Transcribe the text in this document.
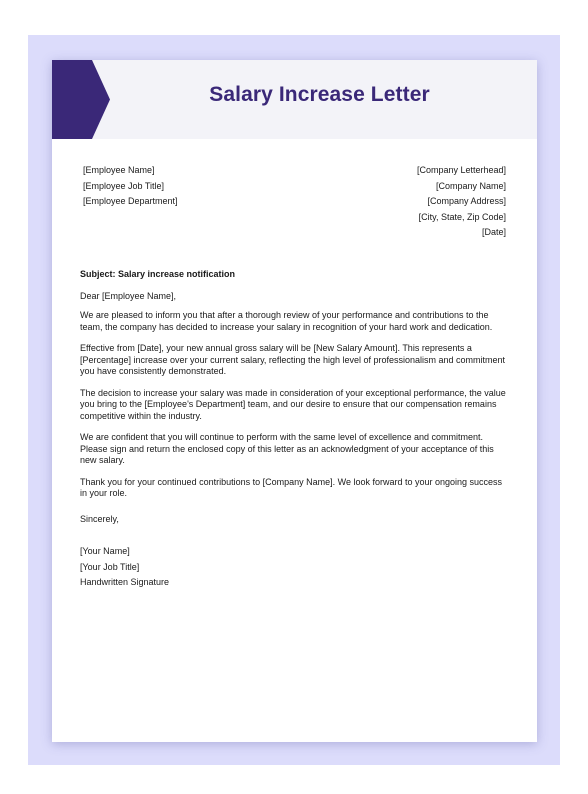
Salary Increase Letter
[Employee Name]
[Employee Job Title]
[Employee Department]
[Company Letterhead]
[Company Name]
[Company Address]
[City, State, Zip Code]
[Date]

Subject: Salary increase notification

Dear [Employee Name],

We are pleased to inform you that after a thorough review of your performance and contributions to the team, the company has decided to increase your salary in recognition of your hard work and dedication.

Effective from [Date], your new annual gross salary will be [New Salary Amount]. This represents a [Percentage] increase over your current salary, reflecting the high level of professionalism and commitment you have consistently demonstrated.

The decision to increase your salary was made in consideration of your exceptional performance, the value you bring to the [Employee's Department] team, and our desire to ensure that our compensation remains competitive within the industry.

We are confident that you will continue to perform with the same level of excellence and commitment. Please sign and return the enclosed copy of this letter as an acknowledgment of your acceptance of this new salary.

Thank you for your continued contributions to [Company Name]. We look forward to your ongoing success in your role.

Sincerely,

[Your Name]
[Your Job Title]
Handwritten Signature
